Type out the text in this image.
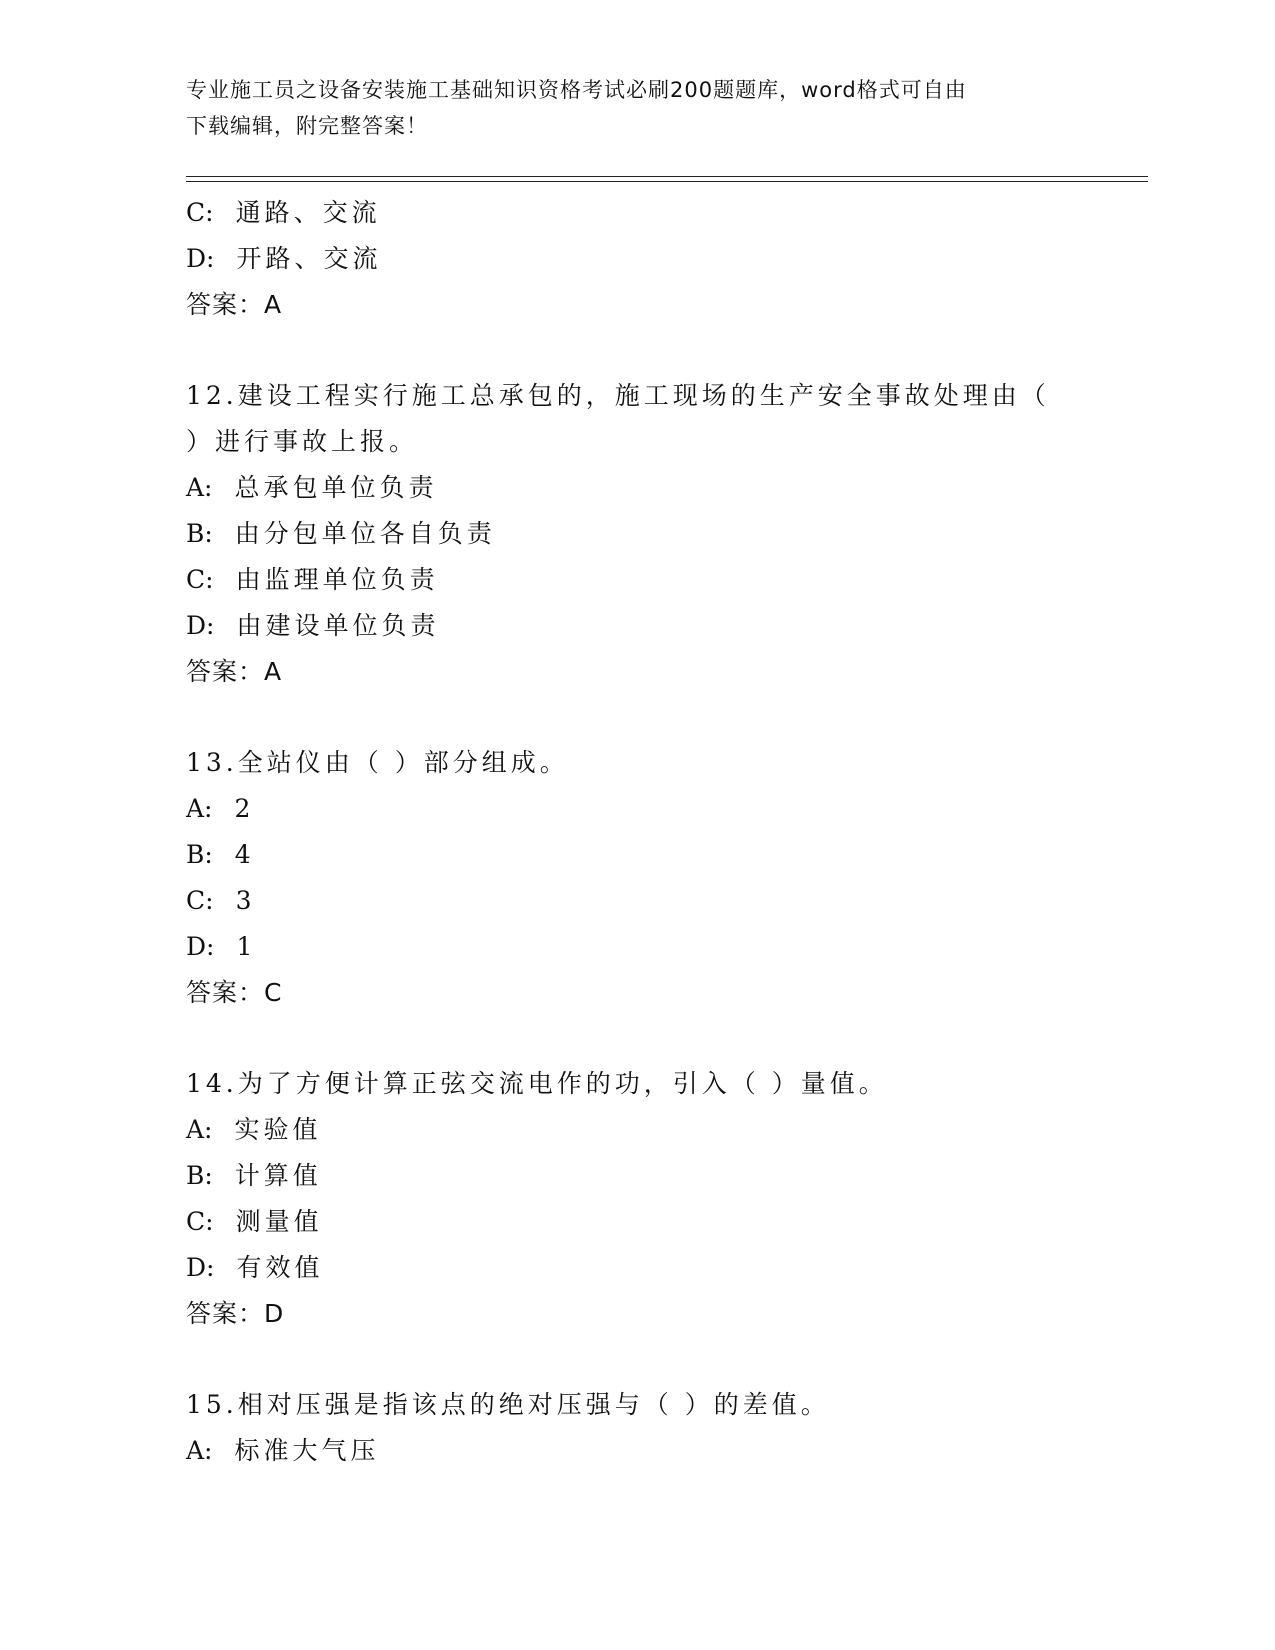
专业施工员之设备安装施工基础知识资格考试必刷200题题库，word格式可自由
下载编辑，附完整答案！
C: 通路、交流
D: 开路、交流
答案：A
12.建设工程实行施工总承包的，施工现场的生产安全事故处理由（
）进行事故上报。
A: 总承包单位负责
B: 由分包单位各自负责
C: 由监理单位负责
D: 由建设单位负责
答案：A
13.全站仪由（ ）部分组成。
A: 2
B: 4
C: 3
D: 1
答案：C
14.为了方便计算正弦交流电作的功，引入（ ）量值。
A: 实验值
B: 计算值
C: 测量值
D: 有效值
答案：D
15.相对压强是指该点的绝对压强与（ ）的差值。
A: 标准大气压
